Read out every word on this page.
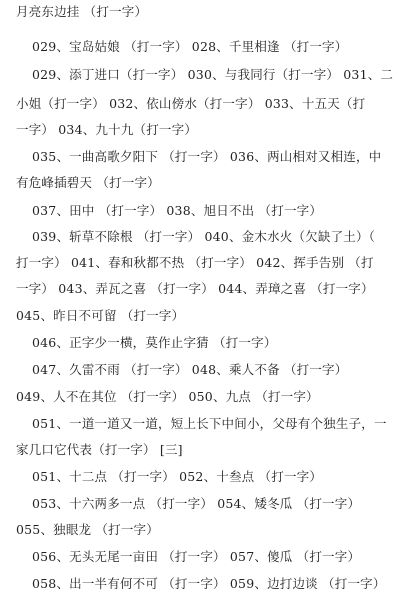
月亮东边挂 （打一字）
029、宝岛姑娘 （打一字） 028、千里相逢 （打一字）
029、添丁进口（打一字） 030、与我同行（打一字） 031、二
小姐（打一字） 032、依山傍水（打一字） 033、十五天（打
一字） 034、九十九（打一字）
035、一曲高歌夕阳下 （打一字） 036、两山相对又相连，中
有危峰插碧天 （打一字）
037、田中 （打一字） 038、旭日不出 （打一字）
039、斩草不除根 （打一字） 040、金木水火（欠缺了土）（
打一字） 041、春和秋都不热 （打一字） 042、挥手告别 （打
一字） 043、弄瓦之喜 （打一字） 044、弄璋之喜 （打一字）
045、昨日不可留 （打一字）
046、正字少一横，莫作止字猜 （打一字）
047、久雷不雨 （打一字） 048、乘人不备 （打一字）
049、人不在其位 （打一字） 050、九点 （打一字）
051、一道一道又一道，短上长下中间小，父母有个独生子，一
家几口它代表（打一字） [三]
051、十二点 （打一字） 052、十叁点 （打一字）
053、十六两多一点 （打一字） 054、矮冬瓜 （打一字）
055、独眼龙 （打一字）
056、无头无尾一亩田 （打一字） 057、傻瓜 （打一字）
058、出一半有何不可 （打一字） 059、边打边谈 （打一字）
